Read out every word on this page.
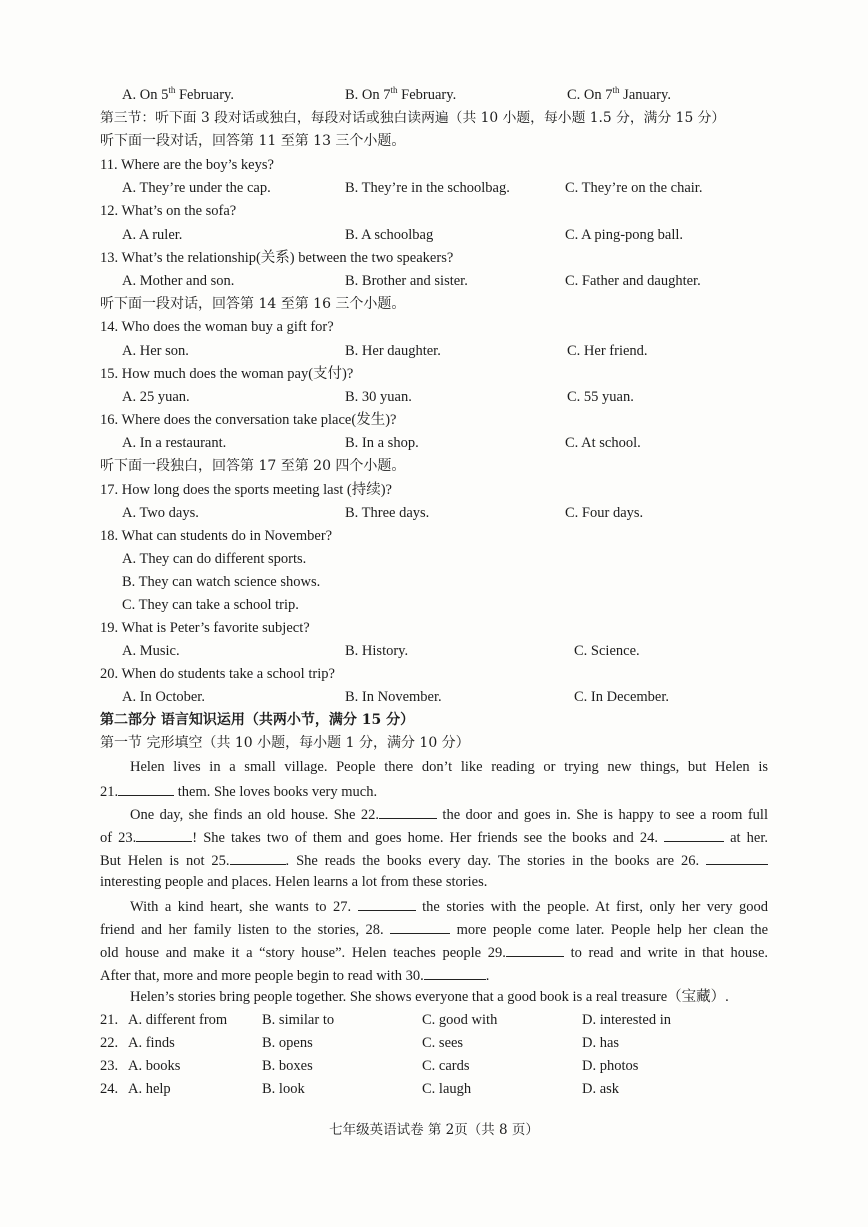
A. On 5th February.	B. On 7th February.	C. On 7th January.
第三节：听下面 3 段对话或独白，每段对话或独白读两遍（共 10 小题，每小题 1.5 分，满分 15 分）
听下面一段对话，回答第 11 至第 13 三个小题。
11. Where are the boy’s keys?
A. They’re under the cap.	B. They’re in the schoolbag.	C. They’re on the chair.
12. What’s on the sofa?
A. A ruler.	B. A schoolbag	C. A ping-pong ball.
13. What’s the relationship(关系) between the two speakers?
A. Mother and son.	B. Brother and sister.	C. Father and daughter.
听下面一段对话，回答第 14 至第 16 三个小题。
14. Who does the woman buy a gift for?
A. Her son.	B. Her daughter.	C. Her friend.
15. How much does the woman pay(支付)?
A. 25 yuan.	B. 30 yuan.	C. 55 yuan.
16. Where does the conversation take place(发生)?
A. In a restaurant.	B. In a shop.	C. At school.
听下面一段独白，回答第 17 至第 20 四个小题。
17. How long does the sports meeting last (持续)?
A. Two days.	B. Three days.	C. Four days.
18. What can students do in November?
A. They can do different sports.
B. They can watch science shows.
C. They can take a school trip.
19. What is Peter’s favorite subject?
A. Music.	B. History.	C. Science.
20. When do students take a school trip?
A. In October.	B. In November.	C. In December.
第二部分 语言知识运用（共两小节，满分 15 分）
第一节 完形填空（共 10 小题，每小题 1 分，满分 10 分）
Helen lives in a small village. People there don’t like reading or trying new things, but Helen is
21.	them. She loves books very much.
One day, she finds an old house. She 22.	the door and goes in. She is happy to see a room full
of 23.	! She takes two of them and goes home. Her friends see the books and 24.	at her.
But Helen is not 25.	. She reads the books every day. The stories in the books are 26.
interesting people and places. Helen learns a lot from these stories.
With a kind heart, she wants to 27.	the stories with the people. At first, only her very good
friend and her family listen to the stories, 28.	more people come later. People help her clean the
old house and make it a “story house”. Helen teaches people 29.	to read and write in that house.
After that, more and more people begin to read with 30.	.
Helen’s stories bring people together. She shows everyone that a good book is a real treasure（宝藏）.
21. A. different from B. similar to	C. good with	D. interested in
22. A. finds	B. opens	C. sees	D. has
23. A. books	B. boxes	C. cards	D. photos
24. A. help	B. look	C. laugh	D. ask
七年级英语试卷 第 2页（共 8 页）
